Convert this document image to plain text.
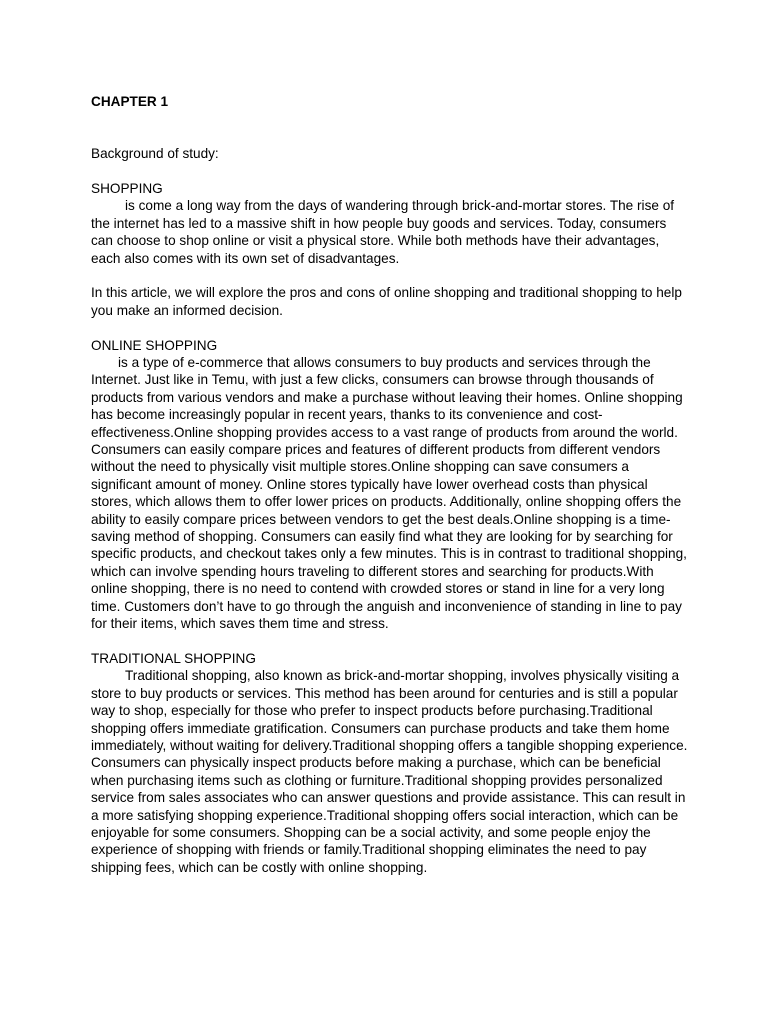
CHAPTER 1

Background of study:

SHOPPING

is come a long way from the days of wandering through brick-and-mortar stores. The rise of the internet has led to a massive shift in how people buy goods and services. Today, consumers can choose to shop online or visit a physical store. While both methods have their advantages, each also comes with its own set of disadvantages.

In this article, we will explore the pros and cons of online shopping and traditional shopping to help you make an informed decision.

ONLINE SHOPPING

is a type of e-commerce that allows consumers to buy products and services through the Internet. Just like in Temu, with just a few clicks, consumers can browse through thousands of products from various vendors and make a purchase without leaving their homes. Online shopping has become increasingly popular in recent years, thanks to its convenience and cost-effectiveness.Online shopping provides access to a vast range of products from around the world. Consumers can easily compare prices and features of different products from different vendors without the need to physically visit multiple stores.Online shopping can save consumers a significant amount of money. Online stores typically have lower overhead costs than physical stores, which allows them to offer lower prices on products. Additionally, online shopping offers the ability to easily compare prices between vendors to get the best deals.Online shopping is a time-saving method of shopping. Consumers can easily find what they are looking for by searching for specific products, and checkout takes only a few minutes. This is in contrast to traditional shopping, which can involve spending hours traveling to different stores and searching for products.With online shopping, there is no need to contend with crowded stores or stand in line for a very long time. Customers don’t have to go through the anguish and inconvenience of standing in line to pay for their items, which saves them time and stress.

TRADITIONAL SHOPPING

Traditional shopping, also known as brick-and-mortar shopping, involves physically visiting a store to buy products or services. This method has been around for centuries and is still a popular way to shop, especially for those who prefer to inspect products before purchasing.Traditional shopping offers immediate gratification. Consumers can purchase products and take them home immediately, without waiting for delivery.Traditional shopping offers a tangible shopping experience. Consumers can physically inspect products before making a purchase, which can be beneficial when purchasing items such as clothing or furniture.Traditional shopping provides personalized service from sales associates who can answer questions and provide assistance. This can result in a more satisfying shopping experience.Traditional shopping offers social interaction, which can be enjoyable for some consumers. Shopping can be a social activity, and some people enjoy the experience of shopping with friends or family.Traditional shopping eliminates the need to pay shipping fees, which can be costly with online shopping.
